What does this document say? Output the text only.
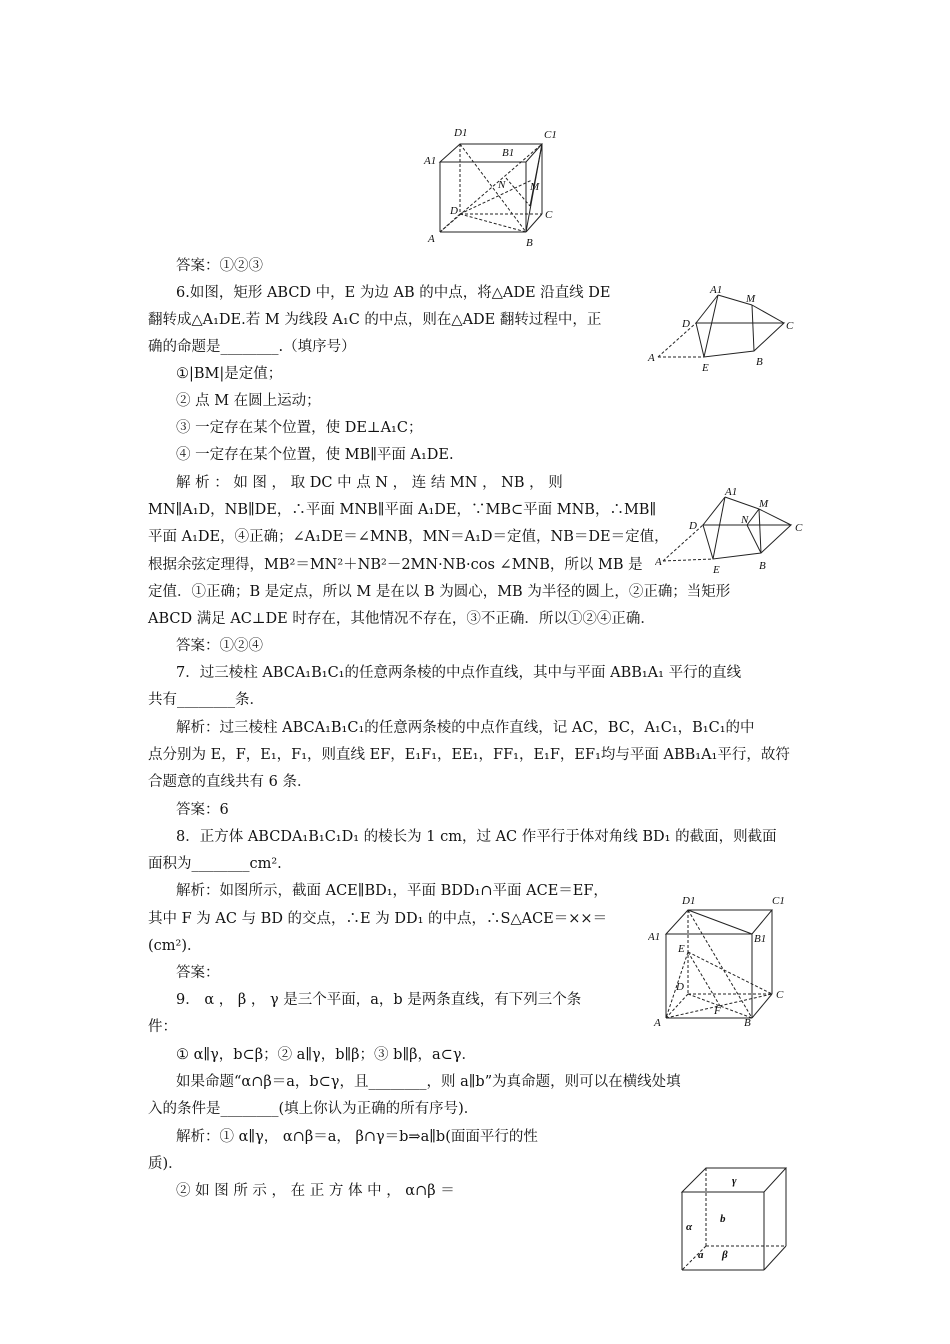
D1	C1
A1
B1
N M
D	C
A	B
A1
M
D	C
A
E	B
A1
M
D	N
C
A
E	B
D1	C1
A1	B1
E
D
C
F
A	B
γ
b
α
a β
答案：①②③
6.如图，矩形 ABCD 中，E 为边 AB 的中点，将△ADE 沿直线 DE
翻转成△A₁DE.若 M 为线段 A₁C 的中点，则在△ADE 翻转过程中，正
确的命题是________.（填序号）
①|BM|是定值；
② 点 M 在圆上运动；
③ 一定存在某个位置，使 DE⊥A₁C；
④ 一定存在某个位置，使 MB∥平面 A₁DE.
解 析 ： 如 图 ， 取 DC 中 点 N ， 连 结 MN ， NB ， 则
MN∥A₁D，NB∥DE，∴平面 MNB∥平面 A₁DE，∵MB⊂平面 MNB，∴MB∥
平面 A₁DE，④正确；∠A₁DE＝∠MNB，MN＝A₁D＝定值，NB＝DE＝定值，
根据余弦定理得，MB²＝MN²＋NB²－2MN·NB·cos ∠MNB，所以 MB 是
定值．①正确；B 是定点，所以 M 是在以 B 为圆心，MB 为半径的圆上，②正确；当矩形
ABCD 满足 AC⊥DE 时存在，其他情况不存在，③不正确．所以①②④正确．
答案：①②④
7．过三棱柱 ABCA₁B₁C₁的任意两条棱的中点作直线，其中与平面 ABB₁A₁ 平行的直线
共有________条．
解析：过三棱柱 ABCA₁B₁C₁的任意两条棱的中点作直线，记 AC，BC，A₁C₁，B₁C₁的中
点分别为 E，F，E₁，F₁，则直线 EF，E₁F₁，EE₁，FF₁，E₁F，EF₁均与平面 ABB₁A₁平行，故符
合题意的直线共有 6 条．
答案：6
8．正方体 ABCDA₁B₁C₁D₁ 的棱长为 1 cm，过 AC 作平行于体对角线 BD₁ 的截面，则截面
面积为________cm².
解析：如图所示，截面 ACE∥BD₁，平面 BDD₁∩平面 ACE＝EF，
其中 F 为 AC 与 BD 的交点，∴E 为 DD₁ 的中点，∴S△ACE＝××＝
(cm²)．
答案：
9． α ， β ， γ 是三个平面，a，b 是两条直线，有下列三个条
件：
① α∥γ，b⊂β；② a∥γ，b∥β；③ b∥β，a⊂γ．
如果命题“α∩β＝a，b⊂γ，且________，则 a∥b”为真命题，则可以在横线处填
入的条件是________(填上你认为正确的所有序号)．
解析：① α∥γ， α∩β＝a， β∩γ＝b⇒a∥b(面面平行的性
质)．
② 如 图 所 示 ， 在 正 方 体 中 ， α∩β ＝
